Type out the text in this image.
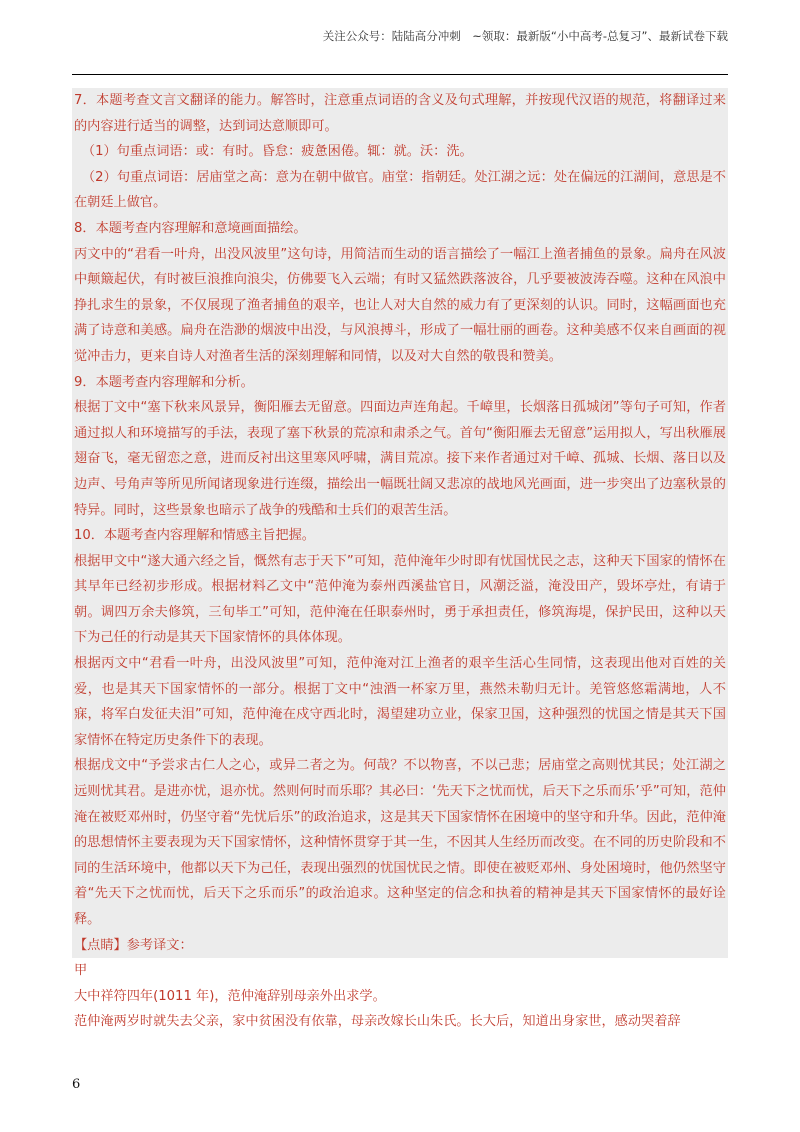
关注公众号：陆陆高分冲刺　~领取：最新版“小中高考-总复习”、最新试卷下载

7．本题考查文言文翻译的能力。解答时，注意重点词语的含义及句式理解，并按现代汉语的规范，将翻译过来的内容进行适当的调整，达到词达意顺即可。

（1）句重点词语：或：有时。昏怠：疲惫困倦。辄：就。沃：洗。

（2）句重点词语：居庙堂之高：意为在朝中做官。庙堂：指朝廷。处江湖之远：处在偏远的江湖间，意思是不在朝廷上做官。

8．本题考查内容理解和意境画面描绘。

丙文中的“君看一叶舟，出没风波里”这句诗，用简洁而生动的语言描绘了一幅江上渔者捕鱼的景象。扁舟在风波中颠簸起伏，有时被巨浪推向浪尖，仿佛要飞入云端；有时又猛然跌落波谷，几乎要被波涛吞噬。这种在风浪中挣扎求生的景象，不仅展现了渔者捕鱼的艰辛，也让人对大自然的威力有了更深刻的认识。同时，这幅画面也充满了诗意和美感。扁舟在浩渺的烟波中出没，与风浪搏斗，形成了一幅壮丽的画卷。这种美感不仅来自画面的视觉冲击力，更来自诗人对渔者生活的深刻理解和同情，以及对大自然的敬畏和赞美。

9．本题考查内容理解和分析。

根据丁文中“塞下秋来风景异，衡阳雁去无留意。四面边声连角起。千嶂里，长烟落日孤城闭”等句子可知，作者通过拟人和环境描写的手法，表现了塞下秋景的荒凉和肃杀之气。首句“衡阳雁去无留意”运用拟人，写出秋雁展翅奋飞，毫无留恋之意，进而反衬出这里寒风呼啸，满目荒凉。接下来作者通过对千嶂、孤城、长烟、落日以及边声、号角声等所见所闻诸现象进行连缀，描绘出一幅既壮阔又悲凉的战地风光画面，进一步突出了边塞秋景的特异。同时，这些景象也暗示了战争的残酷和士兵们的艰苦生活。

10．本题考查内容理解和情感主旨把握。

根据甲文中“遂大通六经之旨，慨然有志于天下”可知，范仲淹年少时即有忧国忧民之志，这种天下国家的情怀在其早年已经初步形成。根据材料乙文中“范仲淹为泰州西溪盐官日，风潮泛溢，淹没田产，毁坏亭灶，有请于朝。调四万余夫修筑，三旬毕工”可知，范仲淹在任职泰州时，勇于承担责任，修筑海堤，保护民田，这种以天下为己任的行动是其天下国家情怀的具体体现。

根据丙文中“君看一叶舟，出没风波里”可知，范仲淹对江上渔者的艰辛生活心生同情，这表现出他对百姓的关爱，也是其天下国家情怀的一部分。根据丁文中“浊酒一杯家万里，燕然未勒归无计。羌管悠悠霜满地，人不寐，将军白发征夫泪”可知，范仲淹在戍守西北时，渴望建功立业，保家卫国，这种强烈的忧国之情是其天下国家情怀在特定历史条件下的表现。

根据戊文中“予尝求古仁人之心，或异二者之为。何哉？不以物喜，不以己悲；居庙堂之高则忧其民；处江湖之远则忧其君。是进亦忧，退亦忧。然则何时而乐耶？其必曰：‘先天下之忧而忧，后天下之乐而乐’乎”可知，范仲淹在被贬邓州时，仍坚守着“先忧后乐”的政治追求，这是其天下国家情怀在困境中的坚守和升华。因此，范仲淹的思想情怀主要表现为天下国家情怀，这种情怀贯穿于其一生，不因其人生经历而改变。在不同的历史阶段和不同的生活环境中，他都以天下为己任，表现出强烈的忧国忧民之情。即使在被贬邓州、身处困境时，他仍然坚守着“先天下之忧而忧，后天下之乐而乐”的政治追求。这种坚定的信念和执着的精神是其天下国家情怀的最好诠释。

【点睛】参考译文：

甲

大中祥符四年(1011 年)，范仲淹辞别母亲外出求学。

范仲淹两岁时就失去父亲，家中贫困没有依靠，母亲改嫁长山朱氏。长大后，知道出身家世，感动哭着辞

6
